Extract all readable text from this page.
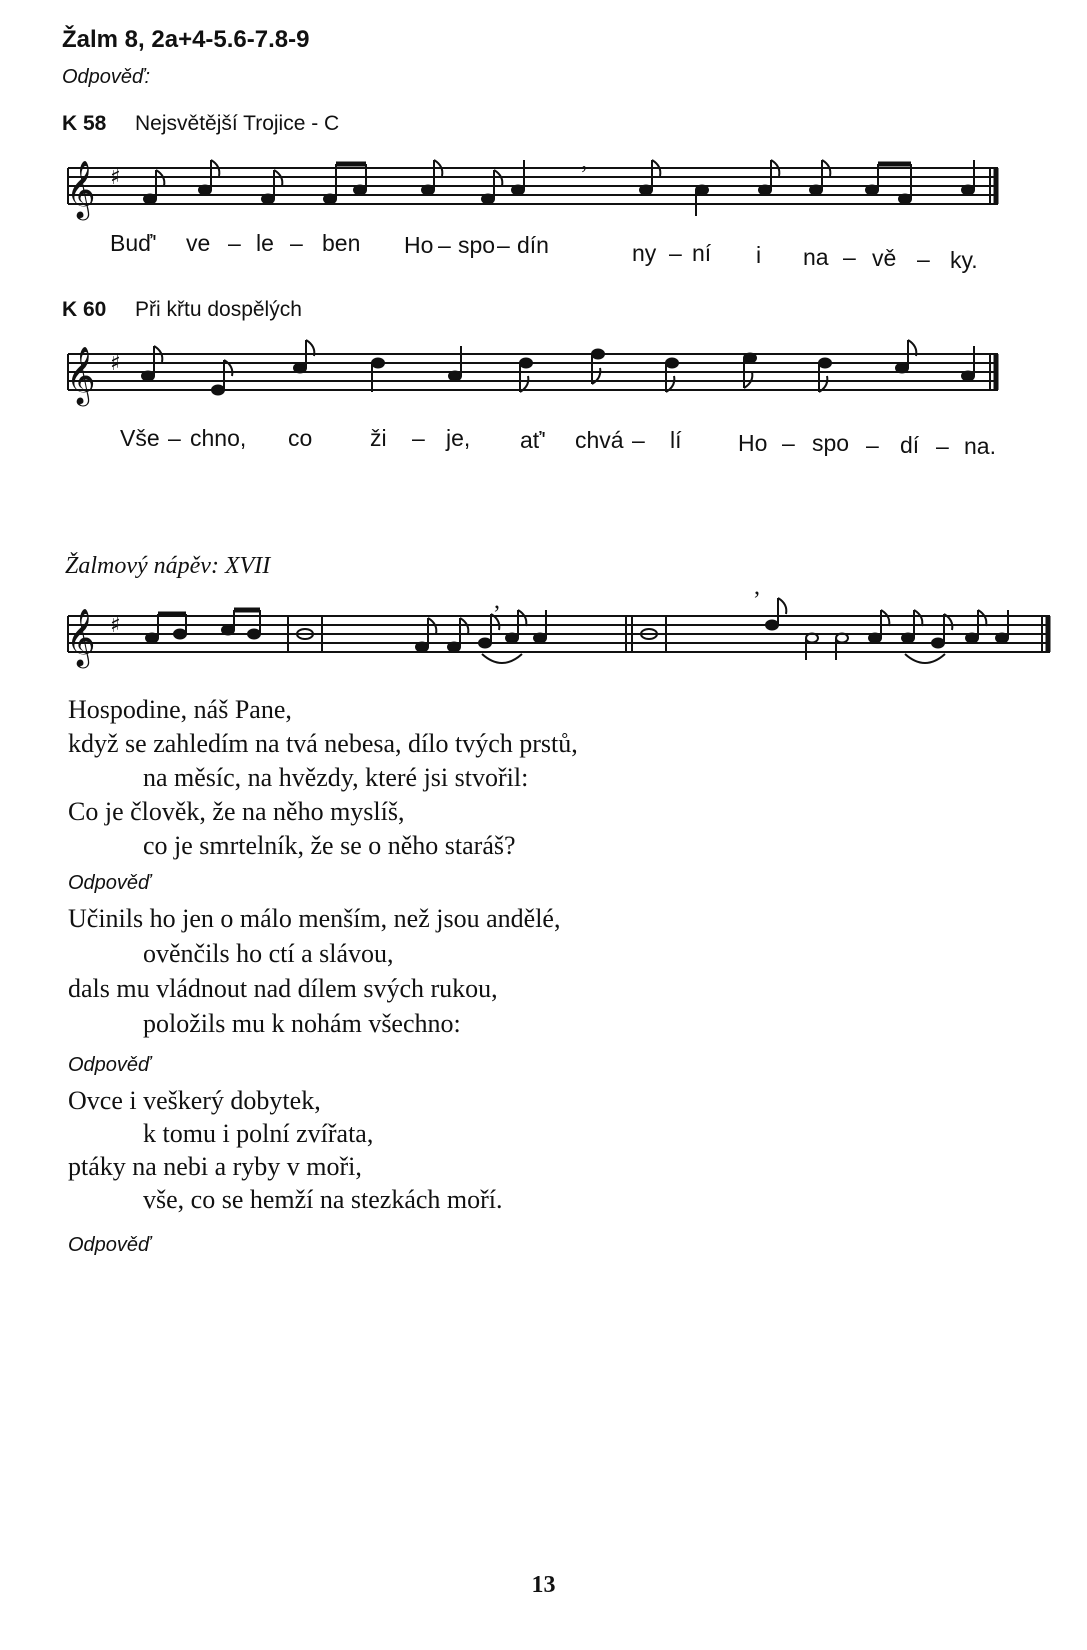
Žalm 8, 2a+4-5.6-7.8-9
Odpověď:
K 58 Nejsvětější Trojice - C
𝄞 ♯	’
Buď' ve – le – ben Ho – spo – dín	ny – ní i na – vě – ky.
K 60 Při křtu dospělých
𝄞 ♯
Vše – chno, co	ži – je, ať' chvá – lí Ho – spo – dí – na.
Žalmový nápěv: XVII
𝄞 ♯
,
,
Hospodine, náš Pane,
když se zahledím na tvá nebesa, dílo tvých prstů,
na měsíc, na hvězdy, které jsi stvořil:
Co je člověk, že na něho myslíš,
co je smrtelník, že se o něho staráš?
Odpověď
Učinils ho jen o málo menším, než jsou andělé,
ověnčils ho ctí a slávou,
dals mu vládnout nad dílem svých rukou,
položils mu k nohám všechno:
Odpověď
Ovce i veškerý dobytek,
k tomu i polní zvířata,
ptáky na nebi a ryby v moři,
vše, co se hemží na stezkách moří.
Odpověď
13
